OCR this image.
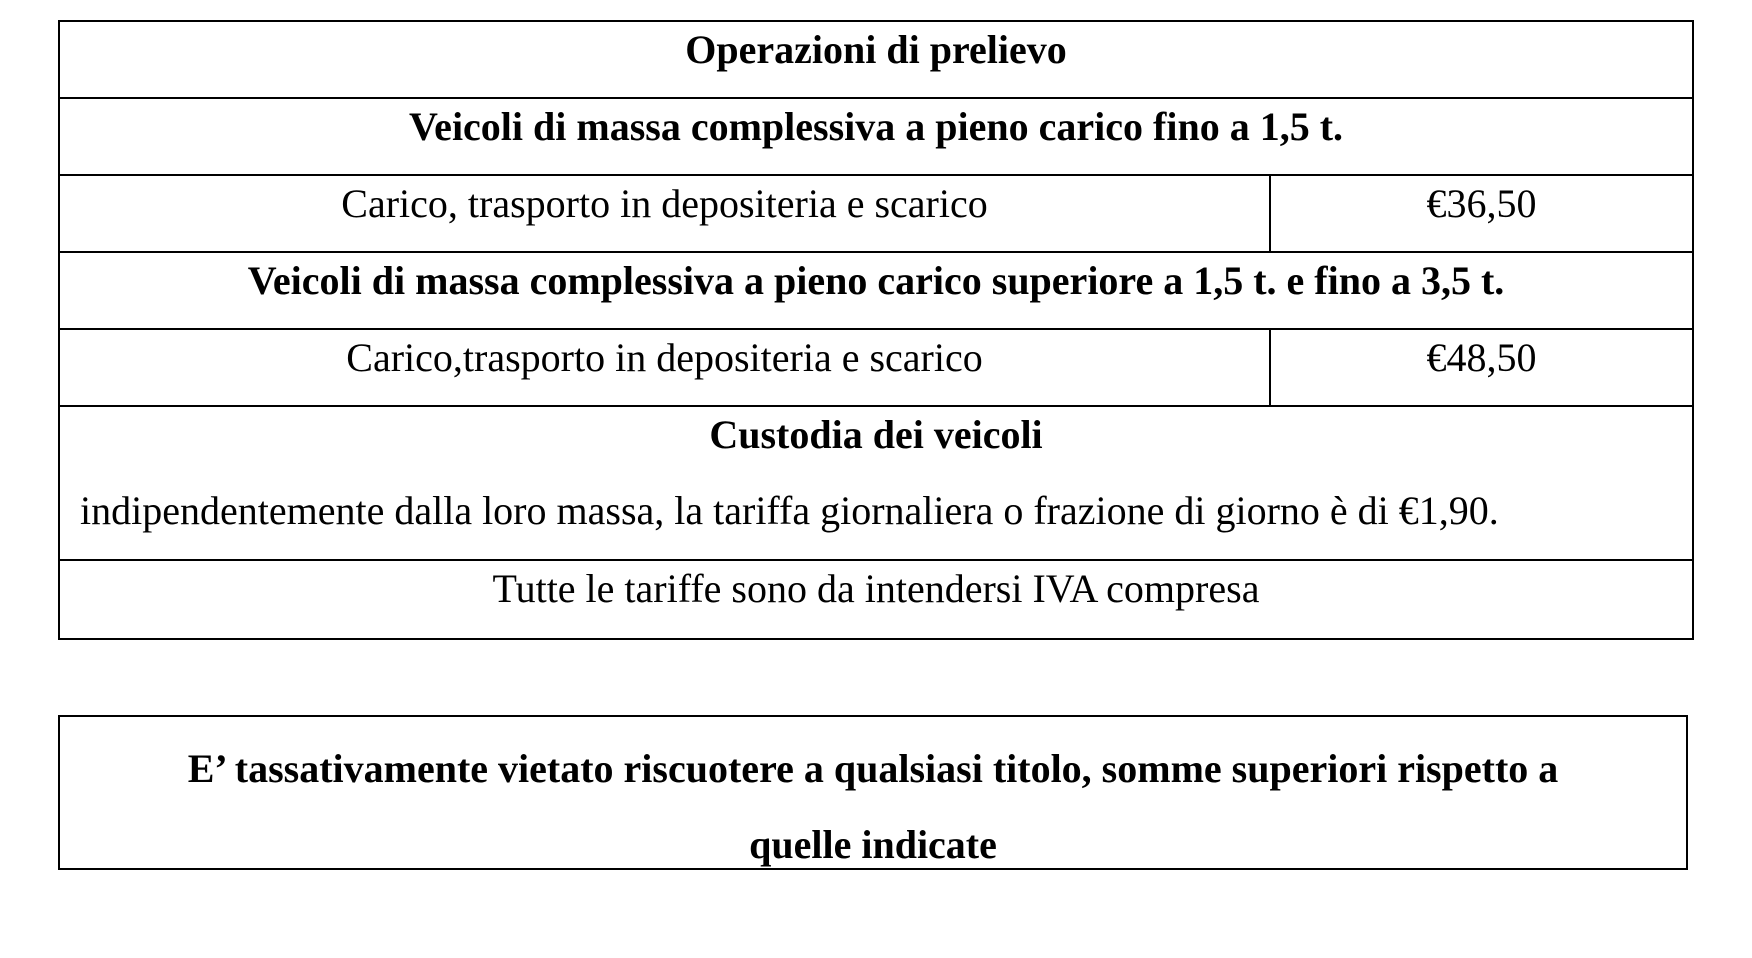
Operazioni di prelievo
Veicoli di massa complessiva a pieno carico fino a 1,5 t.
Carico, trasporto in depositeria e scarico	€36,50
Veicoli di massa complessiva a pieno carico superiore a 1,5 t. e fino a 3,5 t.
Carico,trasporto in depositeria e scarico	€48,50
Custodia dei veicoli
indipendentemente dalla loro massa, la tariffa giornaliera o frazione di giorno è di €1,90.
Tutte le tariffe sono da intendersi IVA compresa
E’ tassativamente vietato riscuotere a qualsiasi titolo, somme superiori rispetto a
quelle indicate
